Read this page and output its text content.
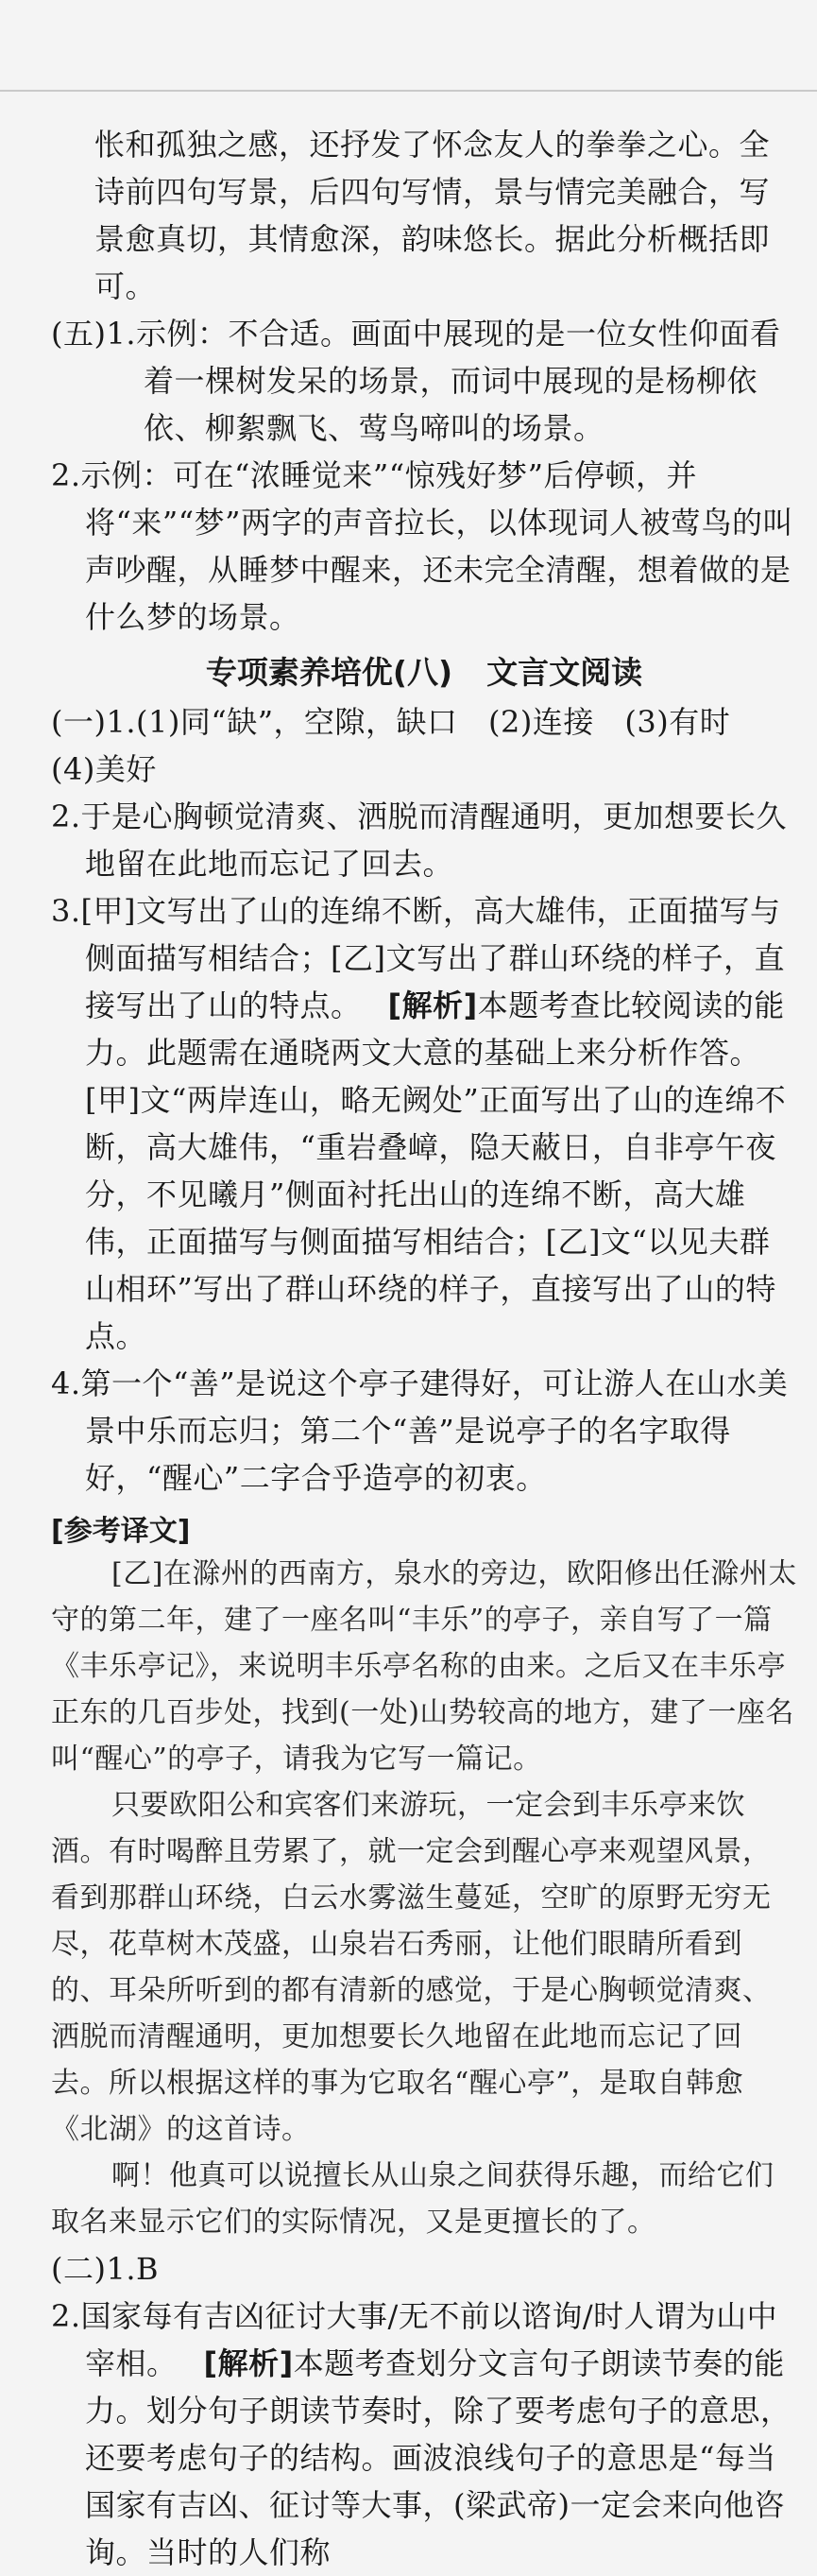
怅和孤独之感，还抒发了怀念友人的拳拳之心。全诗前四句写景，后四句写情，景与情完美融合，写景愈真切，其情愈深，韵味悠长。据此分析概括即可。

(五)1.示例：不合适。画面中展现的是一位女性仰面看着一棵树发呆的场景，而词中展现的是杨柳依依、柳絮飘飞、莺鸟啼叫的场景。

2.示例：可在“浓睡觉来”“惊残好梦”后停顿，并将“来”“梦”两字的声音拉长，以体现词人被莺鸟的叫声吵醒，从睡梦中醒来，还未完全清醒，想着做的是什么梦的场景。

专项素养培优(八) 文言文阅读

(一)1.(1)同“缺”，空隙，缺口　(2)连接　(3)有时　(4)美好

2.于是心胸顿觉清爽、洒脱而清醒通明，更加想要长久地留在此地而忘记了回去。

3.[甲]文写出了山的连绵不断，高大雄伟，正面描写与侧面描写相结合；[乙]文写出了群山环绕的样子，直接写出了山的特点。 [解析]本题考查比较阅读的能力。此题需在通晓两文大意的基础上来分析作答。[甲]文“两岸连山，略无阙处”正面写出了山的连绵不断，高大雄伟，“重岩叠嶂，隐天蔽日，自非亭午夜分，不见曦月”侧面衬托出山的连绵不断，高大雄伟，正面描写与侧面描写相结合；[乙]文“以见夫群山相环”写出了群山环绕的样子，直接写出了山的特点。

4.第一个“善”是说这个亭子建得好，可让游人在山水美景中乐而忘归；第二个“善”是说亭子的名字取得好，“醒心”二字合乎造亭的初衷。

[参考译文]

[乙]在滁州的西南方，泉水的旁边，欧阳修出任滁州太守的第二年，建了一座名叫“丰乐”的亭子，亲自写了一篇《丰乐亭记》，来说明丰乐亭名称的由来。之后又在丰乐亭正东的几百步处，找到(一处)山势较高的地方，建了一座名叫“醒心”的亭子，请我为它写一篇记。

只要欧阳公和宾客们来游玩，一定会到丰乐亭来饮酒。有时喝醉且劳累了，就一定会到醒心亭来观望风景，看到那群山环绕，白云水雾滋生蔓延，空旷的原野无穷无尽，花草树木茂盛，山泉岩石秀丽，让他们眼睛所看到的、耳朵所听到的都有清新的感觉，于是心胸顿觉清爽、洒脱而清醒通明，更加想要长久地留在此地而忘记了回去。所以根据这样的事为它取名“醒心亭”，是取自韩愈《北湖》的这首诗。

啊！他真可以说擅长从山泉之间获得乐趣，而给它们取名来显示它们的实际情况，又是更擅长的了。

(二)1.B

2.国家每有吉凶征讨大事/无不前以谘询/时人谓为山中宰相。 [解析]本题考查划分文言句子朗读节奏的能力。划分句子朗读节奏时，除了要考虑句子的意思，还要考虑句子的结构。画波浪线句子的意思是“每当国家有吉凶、征讨等大事，(梁武帝)一定会来向他咨询。当时的人们称
